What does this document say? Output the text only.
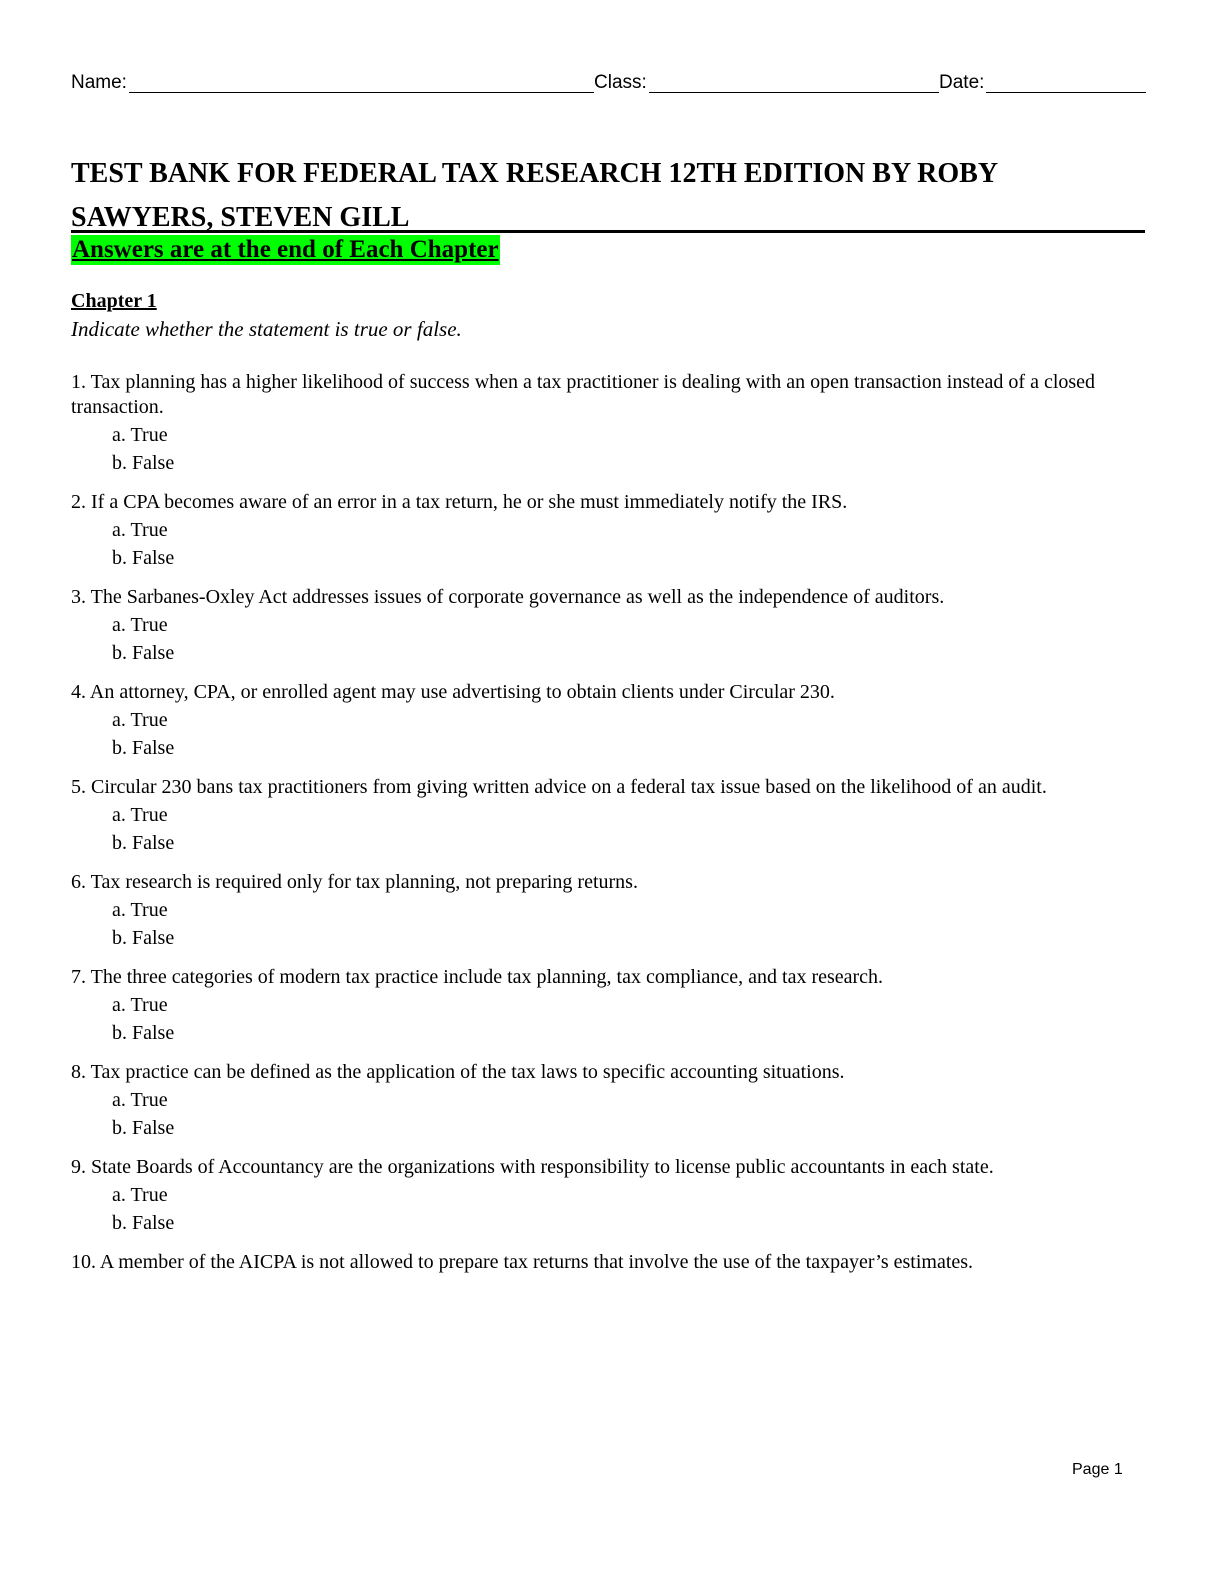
Name:	Class:	Date:
TEST BANK FOR FEDERAL TAX RESEARCH 12TH EDITION BY ROBY SAWYERS, STEVEN GILL
Answers are at the end of Each Chapter
Chapter 1
Indicate whether the statement is true or false.

1. Tax planning has a higher likelihood of success when a tax practitioner is dealing with an open transaction instead of a closed transaction.

a. True
b. False

2. If a CPA becomes aware of an error in a tax return, he or she must immediately notify the IRS.

a. True
b. False

3. The Sarbanes-Oxley Act addresses issues of corporate governance as well as the independence of auditors.

a. True
b. False

4. An attorney, CPA, or enrolled agent may use advertising to obtain clients under Circular 230.

a. True
b. False

5. Circular 230 bans tax practitioners from giving written advice on a federal tax issue based on the likelihood of an audit.

a. True
b. False

6. Tax research is required only for tax planning, not preparing returns.

a. True
b. False

7. The three categories of modern tax practice include tax planning, tax compliance, and tax research.

a. True
b. False

8. Tax practice can be defined as the application of the tax laws to specific accounting situations.

a. True
b. False

9. State Boards of Accountancy are the organizations with responsibility to license public accountants in each state.

a. True
b. False

10. A member of the AICPA is not allowed to prepare tax returns that involve the use of the taxpayer’s estimates.

Page 1
